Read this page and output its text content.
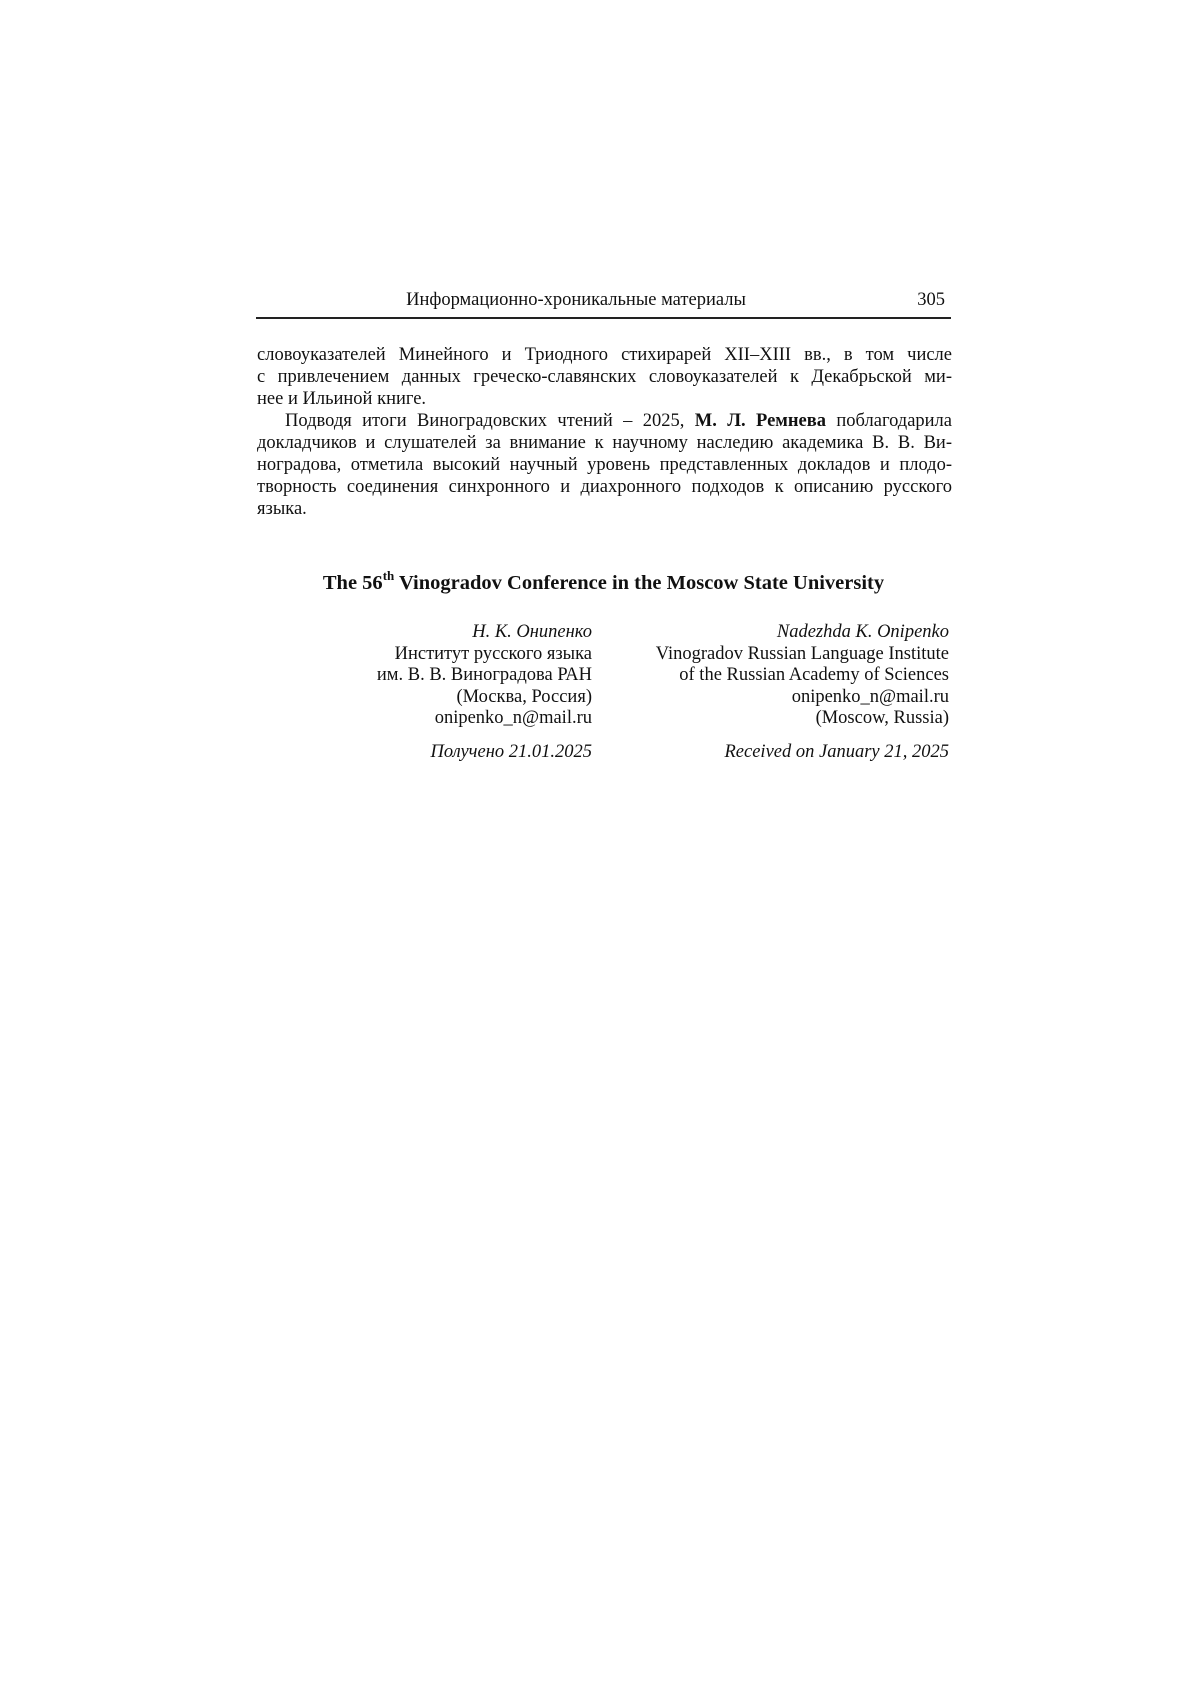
Информационно-хроникальные материалы	305

словоуказателей Минейного и Триодного стихирарей XII–XIII вв., в том числе
с привлечением данных греческо-славянских словоуказателей к Декабрьской ми-
нее и Ильиной книге.

Подводя итоги Виноградовских чтений – 2025, М. Л. Ремнева поблагодарила
докладчиков и слушателей за внимание к научному наследию академика В. В. Ви-
ноградова, отметила высокий научный уровень представленных докладов и плодо-
творность соединения синхронного и диахронного подходов к описанию русского
языка.

The 56th Vinogradov Conference in the Moscow State University
Н. К. Онипенко
Институт русского языка
им. В. В. Виноградова РАН
(Москва, Россия)
onipenko_n@mail.ru
Получено 21.01.2025
Nadezhda K. Onipenko
Vinogradov Russian Language Institute
of the Russian Academy of Sciences
onipenko_n@mail.ru
(Moscow, Russia)
Received on January 21, 2025
